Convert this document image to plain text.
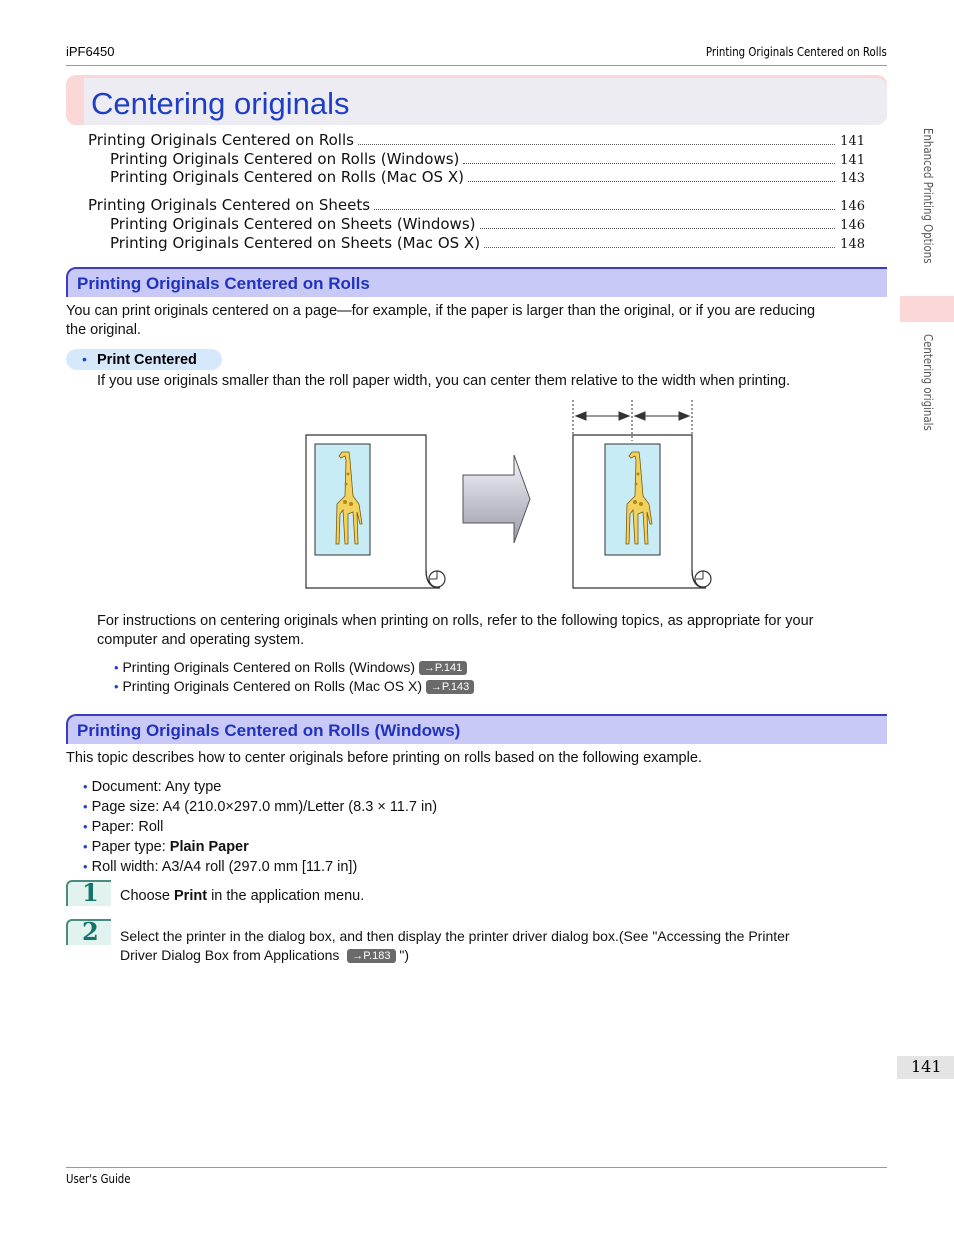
iPF6450	Printing Originals Centered on Rolls
Centering originals
Printing Originals Centered on Rolls	141
Printing Originals Centered on Rolls (Windows)	141
Printing Originals Centered on Rolls (Mac OS X)	143
Printing Originals Centered on Sheets	146
Printing Originals Centered on Sheets (Windows)	146
Printing Originals Centered on Sheets (Mac OS X)	148
Printing Originals Centered on Rolls
You can print originals centered on a page—for example, if the paper is larger than the original, or if you are reducing
the original.
• Print Centered
If you use originals smaller than the roll paper width, you can center them relative to the width when printing.
For instructions on centering originals when printing on rolls, refer to the following topics, as appropriate for your
computer and operating system.
• Printing Originals Centered on Rolls (Windows) →P.141
• Printing Originals Centered on Rolls (Mac OS X) →P.143
Printing Originals Centered on Rolls (Windows)
This topic describes how to center originals before printing on rolls based on the following example.
• Document: Any type
• Page size: A4 (210.0×297.0 mm)/Letter (8.3 × 11.7 in)
• Paper: Roll
• Paper type: Plain Paper
• Roll width: A3/A4 roll (297.0 mm [11.7 in])
1 Choose Print in the application menu.
2 Select the printer in the dialog box, and then display the printer driver dialog box.(See "Accessing the Printer
Driver Dialog Box from Applications →P.183 ")
Enhanced Printing Options
Centering originals
141
User's Guide
